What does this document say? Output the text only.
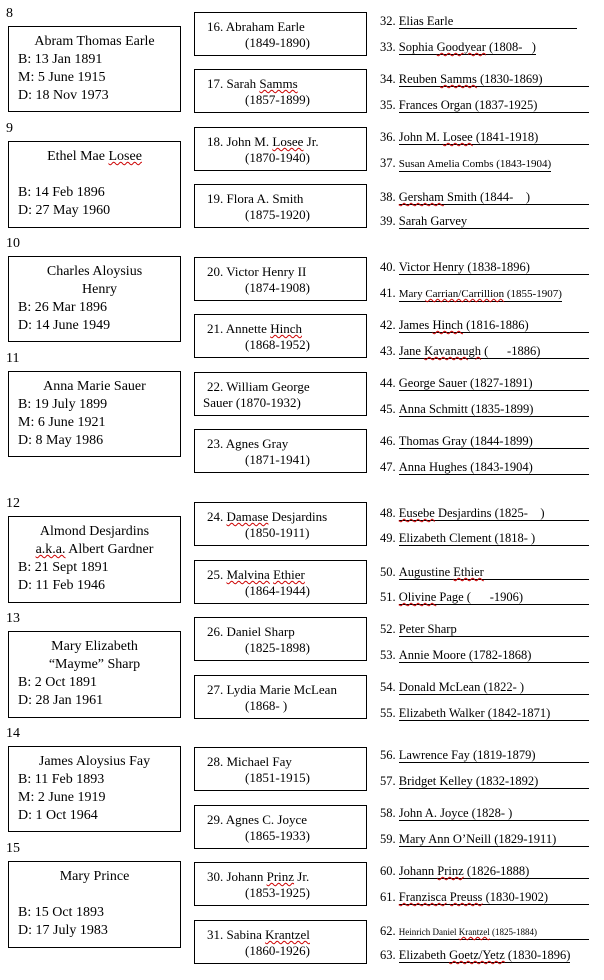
8
9
10
11
12
13
14
15
Abram Thomas Earle
B: 13 Jan 1891
M: 5 June 1915
D: 18 Nov 1973
Ethel Mae Losee
B: 14 Feb 1896
D: 27 May 1960
Charles Aloysius
Henry
B: 26 Mar 1896
D: 14 June 1949
Anna Marie Sauer
B: 19 July 1899
M: 6 June 1921
D: 8 May 1986
Almond Desjardins
a.k.a. Albert Gardner
B: 21 Sept 1891
D: 11 Feb 1946
Mary Elizabeth
“Mayme” Sharp
B: 2 Oct 1891
D: 28 Jan 1961
James Aloysius Fay
B: 11 Feb 1893
M: 2 June 1919
D: 1 Oct 1964
Mary Prince
B: 15 Oct 1893
D: 17 July 1983
16. Abraham Earle
(1849-1890)
17. Sarah Samms
(1857-1899)
18. John M. Losee Jr.
(1870-1940)
19. Flora A. Smith
(1875-1920)
20. Victor Henry II
(1874-1908)
21. Annette Hinch
(1868-1952)
22. William George
Sauer (1870-1932)
23. Agnes Gray
(1871-1941)
24. Damase Desjardins
(1850-1911)
25. Malvina Ethier
(1864-1944)
26. Daniel Sharp
(1825-1898)
27. Lydia Marie McLean
(1868- )
28. Michael Fay
(1851-1915)
29. Agnes C. Joyce
(1865-1933)
30. Johann Prinz Jr.
(1853-1925)
31. Sabina Krantzel
(1860-1926)
32. Elias Earle
33. Sophia Goodyear (1808-   )
34. Reuben Samms (1830-1869)
35. Frances Organ (1837-1925)
36. John M. Losee (1841-1918)
37. Susan Amelia Combs (1843-1904)
38. Gersham Smith (1844-    )
39. Sarah Garvey
40. Victor Henry (1838-1896)
41. Mary Carrian/Carrillion (1855-1907)
42. James Hinch (1816-1886)
43. Jane Kavanaugh (      -1886)
44. George Sauer (1827-1891)
45. Anna Schmitt (1835-1899)
46. Thomas Gray (1844-1899)
47. Anna Hughes (1843-1904)
48. Eusebe Desjardins (1825-    )
49. Elizabeth Clement (1818- )
50. Augustine Ethier
51. Olivine Page (      -1906)
52. Peter Sharp
53. Annie Moore (1782-1868)
54. Donald McLean (1822- )
55. Elizabeth Walker (1842-1871)
56. Lawrence Fay (1819-1879)
57. Bridget Kelley (1832-1892)
58. John A. Joyce (1828- )
59. Mary Ann O’Neill (1829-1911)
60. Johann Prinz (1826-1888)
61. Franzisca Preuss (1830-1902)
62. Heinrich Daniel Krantzel (1825-1884)
63. Elizabeth Goetz/Yetz (1830-1896)
